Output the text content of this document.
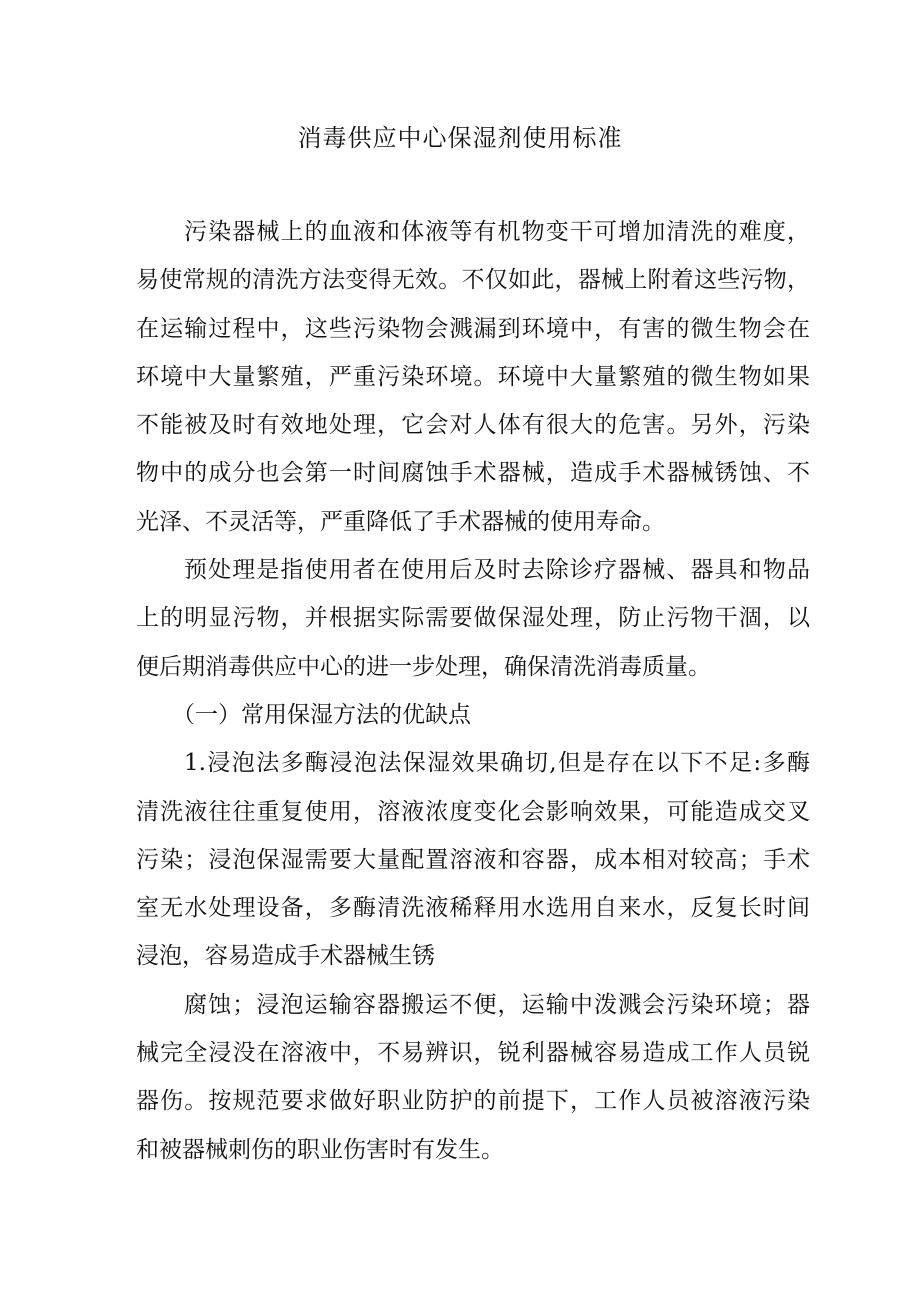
消毒供应中心保湿剂使用标准
污染器械上的血液和体液等有机物变干可增加清洗的难度，
易使常规的清洗方法变得无效。不仅如此，器械上附着这些污物，
在运输过程中，这些污染物会溅漏到环境中，有害的微生物会在
环境中大量繁殖，严重污染环境。环境中大量繁殖的微生物如果
不能被及时有效地处理，它会对人体有很大的危害。另外，污染
物中的成分也会第一时间腐蚀手术器械，造成手术器械锈蚀、不
光泽、不灵活等，严重降低了手术器械的使用寿命。
预处理是指使用者在使用后及时去除诊疗器械、器具和物品
上的明显污物，并根据实际需要做保湿处理，防止污物干涸，以
便后期消毒供应中心的进一步处理，确保清洗消毒质量。
（一）常用保湿方法的优缺点
1.浸泡法多酶浸泡法保湿效果确切,但是存在以下不足:多酶
清洗液往往重复使用，溶液浓度变化会影响效果，可能造成交叉
污染；浸泡保湿需要大量配置溶液和容器，成本相对较高；手术
室无水处理设备，多酶清洗液稀释用水选用自来水，反复长时间
浸泡，容易造成手术器械生锈
腐蚀；浸泡运输容器搬运不便，运输中泼溅会污染环境；器
械完全浸没在溶液中，不易辨识，锐利器械容易造成工作人员锐
器伤。按规范要求做好职业防护的前提下，工作人员被溶液污染
和被器械刺伤的职业伤害时有发生。
